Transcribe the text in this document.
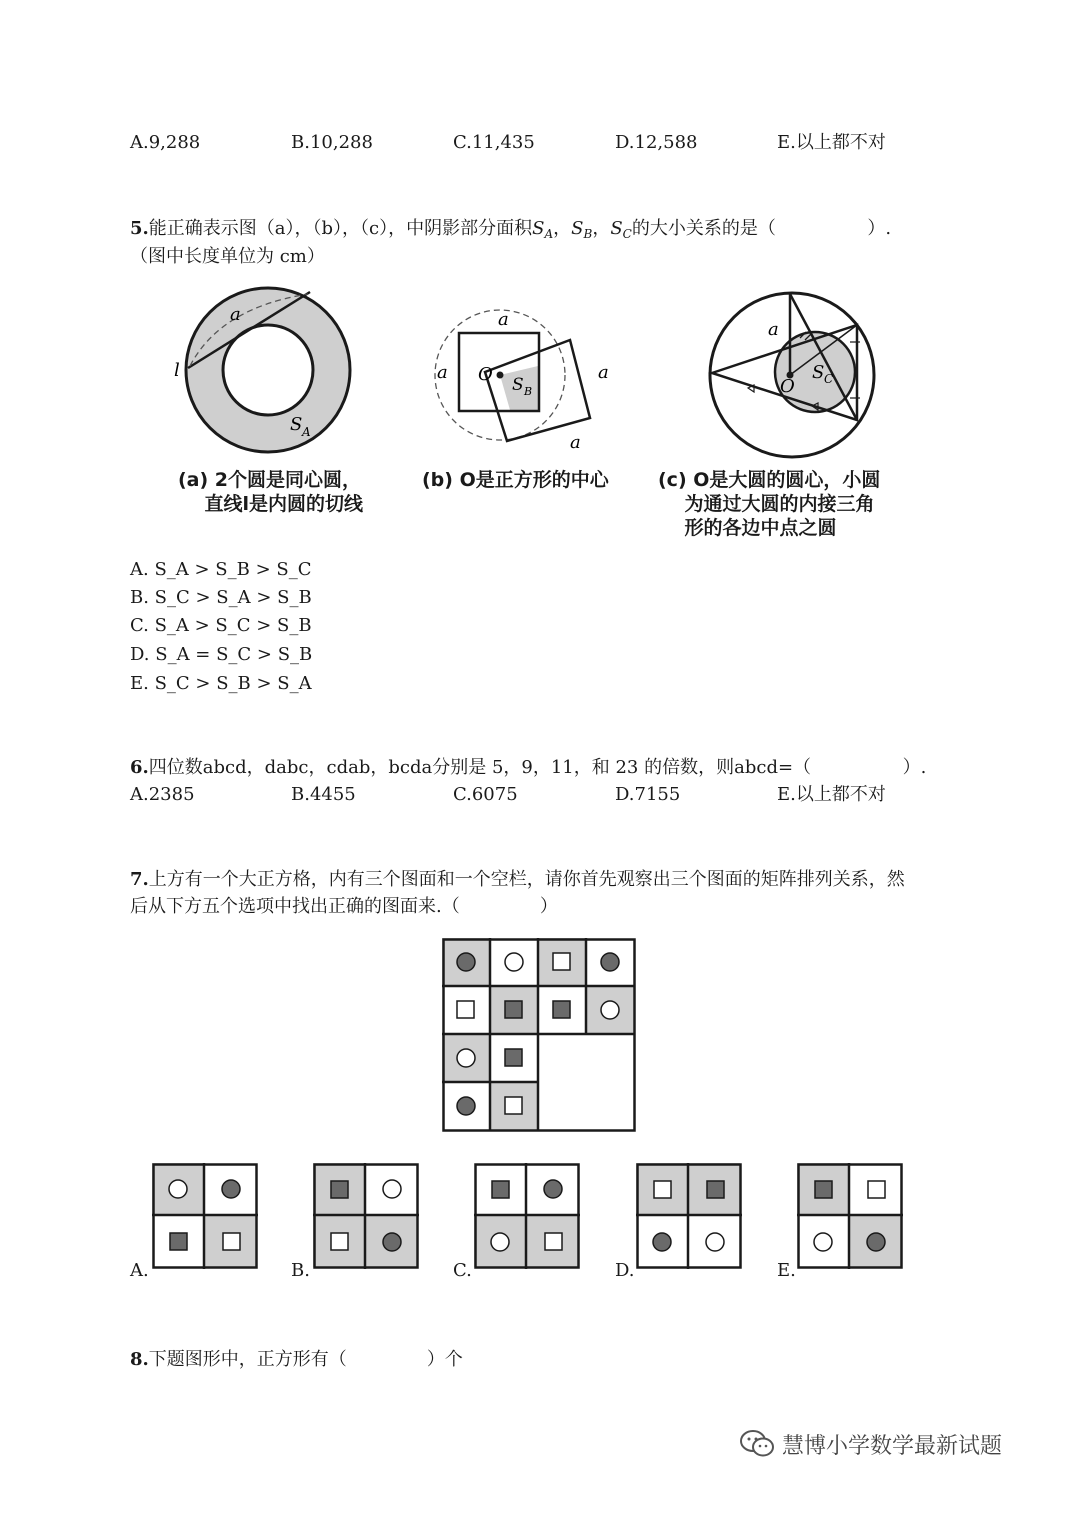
A.9,288	B.10,288	C.11,435	D.12,588	E.以上都不对
5.能正确表示图（a），（b），（c），中阴影部分面积$S_A$，$S_B$，$S_C$的大小关系的是（                ）.
（图中长度单位为 cm）
a
l
S A
O
a
a	a
a
S B
a
O
S C
(a) 2个圆是同心圆，
直线l是内圆的切线
(b) O是正方形的中心	(c) O是大圆的圆心，小圆
为通过大圆的内接三角
形的各边中点之圆
A. S_A > S_B > S_C
B. S_C > S_A > S_B
C. S_A > S_C > S_B
D. S_A = S_C > S_B
E. S_C > S_B > S_A
6.四位数abcd，dabc，cdab，bcda分别是 5，9，11，和 23 的倍数，则abcd=（                ）.
A.2385	B.4455	C.6075	D.7155	E.以上都不对
7.上方有一个大正方格，内有三个图面和一个空栏，请你首先观察出三个图面的矩阵排列关系，然
后从下方五个选项中找出正确的图面来.（              ）
A.	B.	C.	D.	E.
8.下题图形中，正方形有（              ）个
慧博小学数学最新试题
